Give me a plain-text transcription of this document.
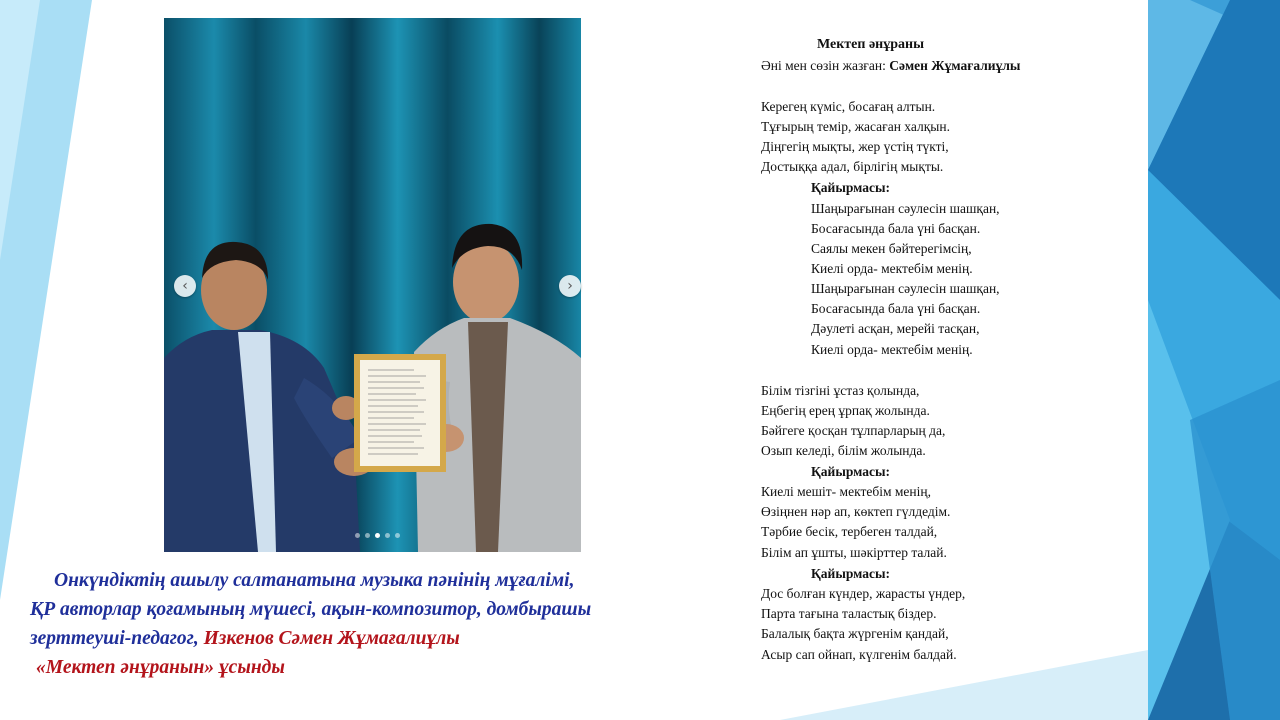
‹	›
Онкүндіктің ашылу салтанатына музыка пәнінің мұғалімі,
ҚР авторлар қоғамының мүшесі, ақын-композитор, домбырашы
зерттеуші-педагог, Изкенов Сәмен Жұмағалиұлы
«Мектеп әнұранын» ұсынды
Мектеп әнұраны
Әні мен сөзін жазған: Сәмен Жұмағалиұлы
Керегең күміс, босағаң алтын.
Тұғырың темір, жасаған халқын.
Діңгегің мықты, жер үстің түкті,
Достыққа адал, бірлігің мықты.
Қайырмасы:
Шаңырағынан сәулесін шашқан,
Босағасында бала үні басқан.
Саялы мекен бәйтерегімсің,
Киелі орда- мектебім менің.
Шаңырағынан сәулесін шашқан,
Босағасында бала үні басқан.
Дәулеті асқан, мерейі тасқан,
Киелі орда- мектебім менің.
Білім тізгіні ұстаз қолында,
Еңбегің ерең ұрпақ жолында.
Бәйгеге қосқан тұлпарларың да,
Озып келеді, білім жолында.
Қайырмасы:
Киелі мешіт- мектебім менің,
Өзіңнен нәр ап, көктеп гүлдедім.
Тәрбие бесік, тербеген талдай,
Білім ап ұшты, шәкірттер талай.
Қайырмасы:
Дос болған күндер, жарасты үндер,
Парта тағына таластық біздер.
Балалық бақта жүргенім қандай,
Асыр сап ойнап, күлгенім балдай.
